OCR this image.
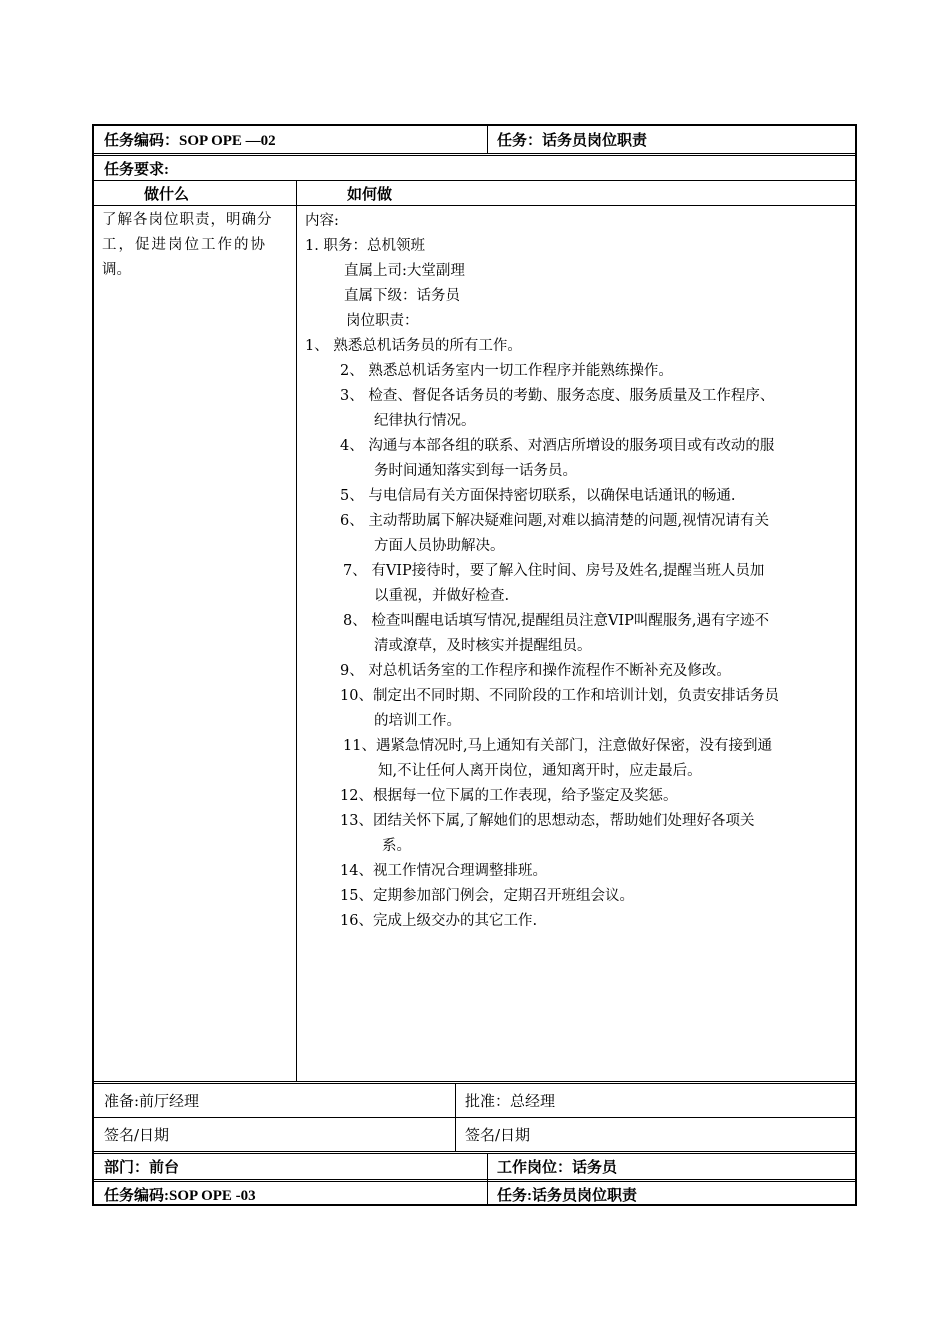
任务编码：SOP OPE —02	任务：话务员岗位职责
任务要求:
做什么	如何做
了解各岗位职责，明确分
工，促进岗位工作的协
调。
内容:
1. 职务：总机领班
直属上司:大堂副理
直属下级：话务员
岗位职责：
1、 熟悉总机话务员的所有工作。
2、 熟悉总机话务室内一切工作程序并能熟练操作。
3、 检查、督促各话务员的考勤、服务态度、服务质量及工作程序、
纪律执行情况。
4、 沟通与本部各组的联系、对酒店所增设的服务项目或有改动的服
务时间通知落实到每一话务员。
5、 与电信局有关方面保持密切联系，以确保电话通讯的畅通.
6、 主动帮助属下解决疑难问题,对难以搞清楚的问题,视情况请有关
方面人员协助解决。
7、 有VIP接待时，要了解入住时间、房号及姓名,提醒当班人员加
以重视，并做好检查.
8、 检查叫醒电话填写情况,提醒组员注意VIP叫醒服务,遇有字迹不
清或潦草，及时核实并提醒组员。
9、 对总机话务室的工作程序和操作流程作不断补充及修改。
10、制定出不同时期、不同阶段的工作和培训计划，负责安排话务员
的培训工作。
11、遇紧急情况时,马上通知有关部门，注意做好保密，没有接到通
知,不让任何人离开岗位，通知离开时，应走最后。
12、根据每一位下属的工作表现，给予鉴定及奖惩。
13、团结关怀下属,了解她们的思想动态，帮助她们处理好各项关
系。
14、视工作情况合理调整排班。
15、定期参加部门例会，定期召开班组会议。
16、完成上级交办的其它工作.
准备:前厅经理	批准：总经理
签名/日期	签名/日期
部门：前台	工作岗位：话务员
任务编码:SOP OPE -03	任务:话务员岗位职责
